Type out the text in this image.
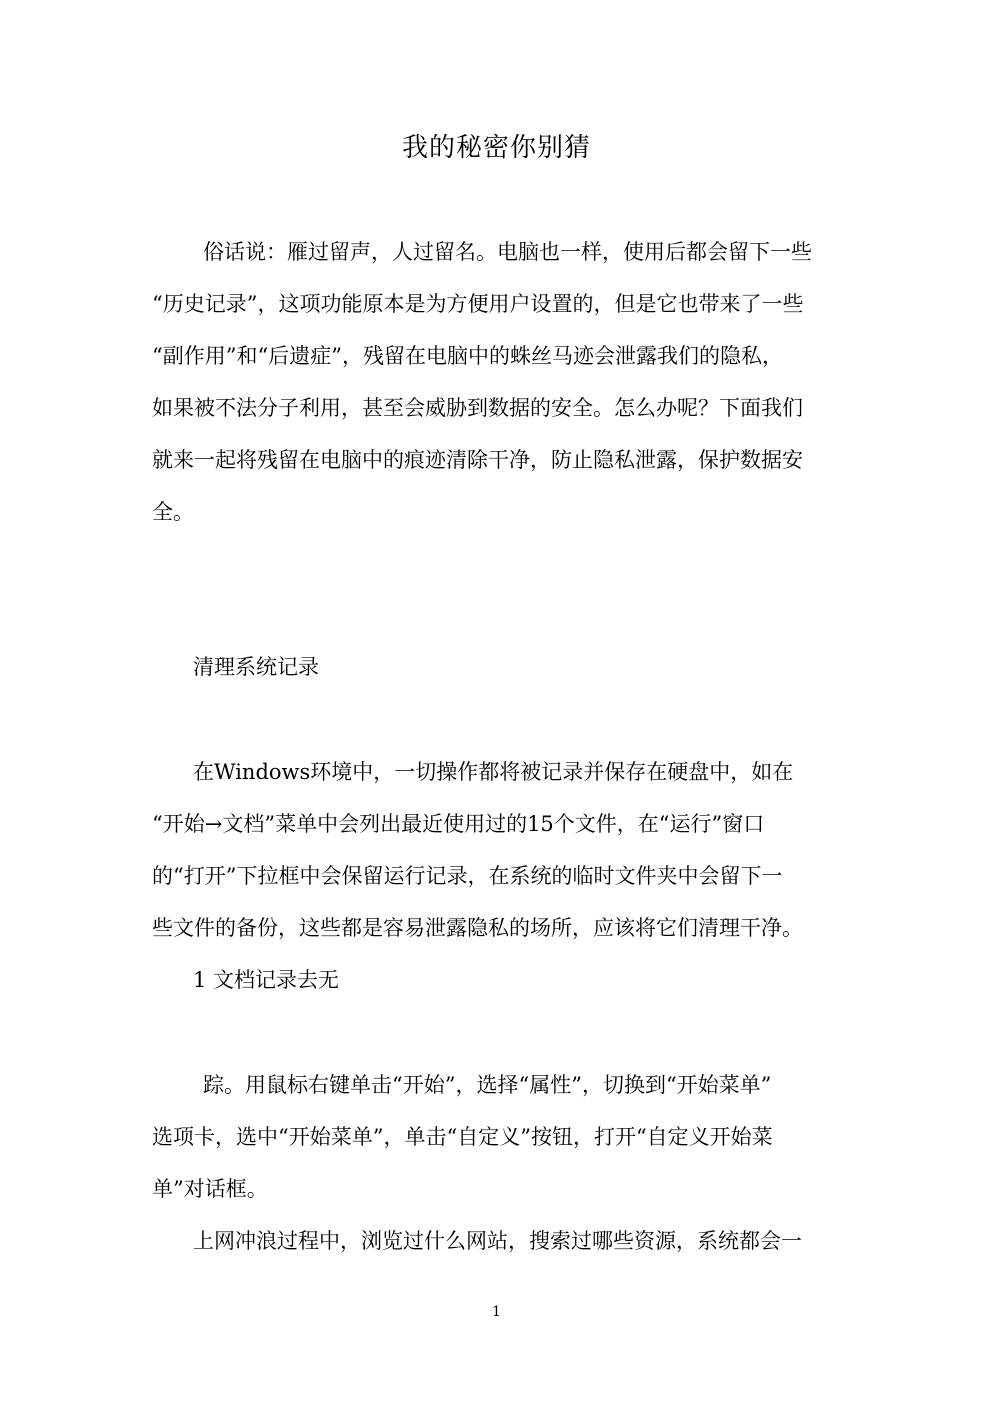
我的秘密你别猜
俗话说：雁过留声，人过留名。电脑也一样，使用后都会留下一些
“历史记录”，这项功能原本是为方便用户设置的，但是它也带来了一些
“副作用”和“后遗症”，残留在电脑中的蛛丝马迹会泄露我们的隐私，
如果被不法分子利用，甚至会威胁到数据的安全。怎么办呢？下面我们
就来一起将残留在电脑中的痕迹清除干净，防止隐私泄露，保护数据安
全。
清理系统记录
在Windows环境中，一切操作都将被记录并保存在硬盘中，如在
“开始→文档”菜单中会列出最近使用过的15个文件，在“运行”窗口
的“打开”下拉框中会保留运行记录，在系统的临时文件夹中会留下一
些文件的备份，这些都是容易泄露隐私的场所，应该将它们清理干净。
1 文档记录去无
踪。用鼠标右键单击“开始”，选择“属性”，切换到“开始菜单”
选项卡，选中“开始菜单”，单击“自定义”按钮，打开“自定义开始菜
单”对话框。
上网冲浪过程中，浏览过什么网站，搜索过哪些资源，系统都会一
1
